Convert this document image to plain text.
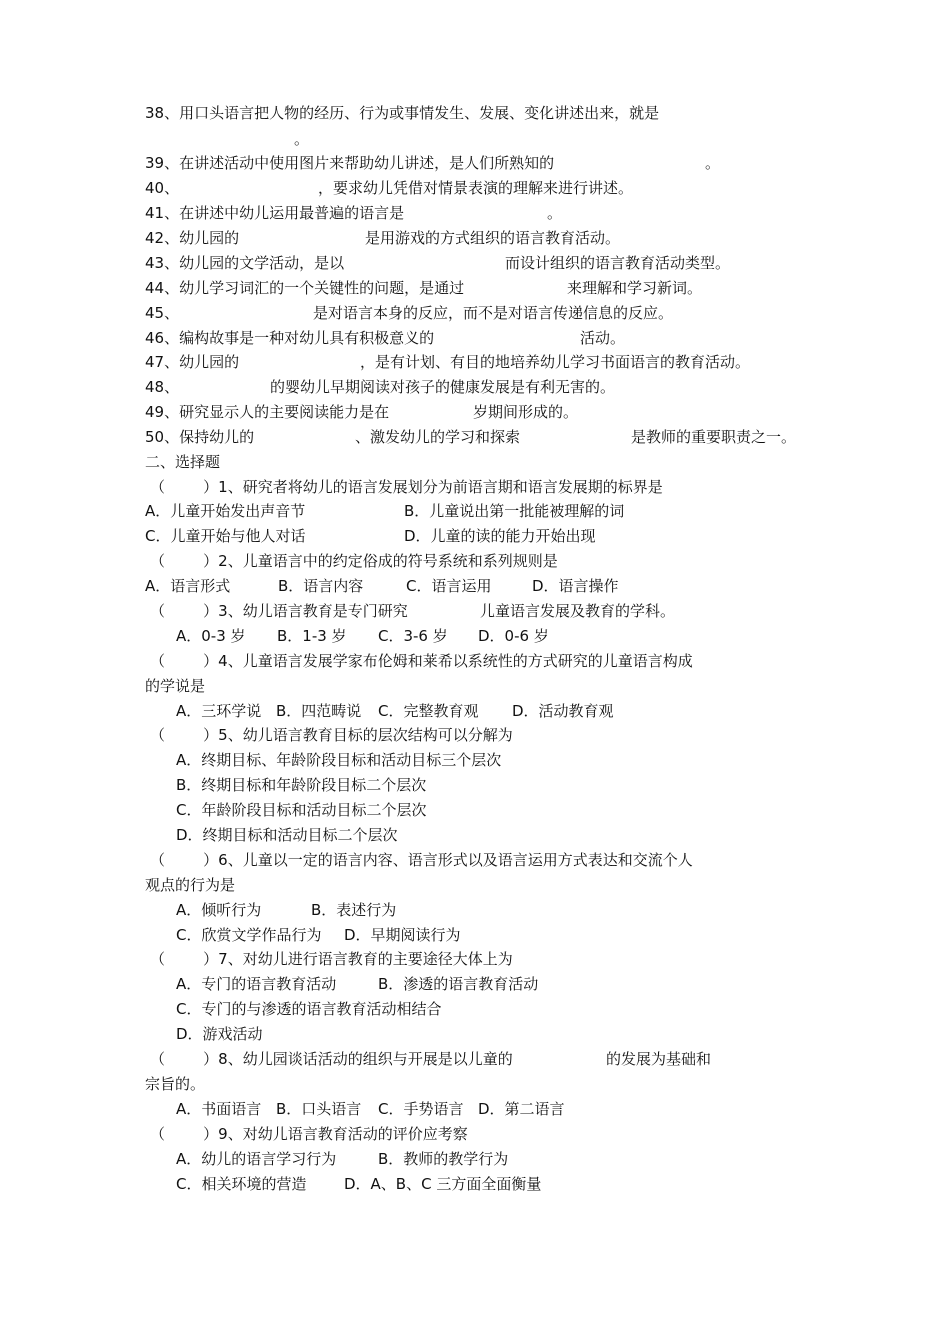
38、用口头语言把人物的经历、行为或事情发生、发展、变化讲述出来，就是

。

39、在讲述活动中使用图片来帮助幼儿讲述，是人们所熟知的

	。

40、

	，要求幼儿凭借对情景表演的理解来进行讲述。

41、在讲述中幼儿运用最普遍的语言是

	。

42、幼儿园的

	是用游戏的方式组织的语言教育活动。

43、幼儿园的文学活动，是以

	而设计组织的语言教育活动类型。

44、幼儿学习词汇的一个关键性的问题，是通过

	来理解和学习新词。

45、

	是对语言本身的反应，而不是对语言传递信息的反应。

46、编构故事是一种对幼儿具有积极意义的

	活动。

47、幼儿园的

	，是有计划、有目的地培养幼儿学习书面语言的教育活动。

48、

	的婴幼儿早期阅读对孩子的健康发展是有利无害的。

49、研究显示人的主要阅读能力是在

	岁期间形成的。

50、保持幼儿的

	、激发幼儿的学习和探索

	是教师的重要职责之一。

二、选择题

（        ）1、研究者将幼儿的语言发展划分为前语言期和语言发展期的标界是

A．儿童开始发出声音节

	B．儿童说出第一批能被理解的词

C．儿童开始与他人对话

	D．儿童的读的能力开始出现

（        ）2、儿童语言中的约定俗成的符号系统和系列规则是

A．语言形式

	B．语言内容

	C．语言运用

	D．语言操作

（        ）3、幼儿语言教育是专门研究

	儿童语言发展及教育的学科。

A．0-3 岁

B．1-3 岁

C．3-6 岁

D．0-6 岁

（        ）4、儿童语言发展学家布伦姆和莱希以系统性的方式研究的儿童语言构成

的学说是

A．三环学说

B．四范畴说

C．完整教育观

D．活动教育观

（        ）5、幼儿语言教育目标的层次结构可以分解为

A．终期目标、年龄阶段目标和活动目标三个层次

B．终期目标和年龄阶段目标二个层次

C．年龄阶段目标和活动目标二个层次

D．终期目标和活动目标二个层次

（        ）6、儿童以一定的语言内容、语言形式以及语言运用方式表达和交流个人

观点的行为是

A．倾听行为

	B．表述行为

C．欣赏文学作品行为

D．早期阅读行为

（        ）7、对幼儿进行语言教育的主要途径大体上为

A．专门的语言教育活动

	B．渗透的语言教育活动

C．专门的与渗透的语言教育活动相结合

D．游戏活动

（        ）8、幼儿园谈话活动的组织与开展是以儿童的

	的发展为基础和

宗旨的。

A．书面语言

B．口头语言

C．手势语言

D．第二语言

（        ）9、对幼儿语言教育活动的评价应考察

A．幼儿的语言学习行为

	B．教师的教学行为

C．相关环境的营造

	D．A、B、C 三方面全面衡量
